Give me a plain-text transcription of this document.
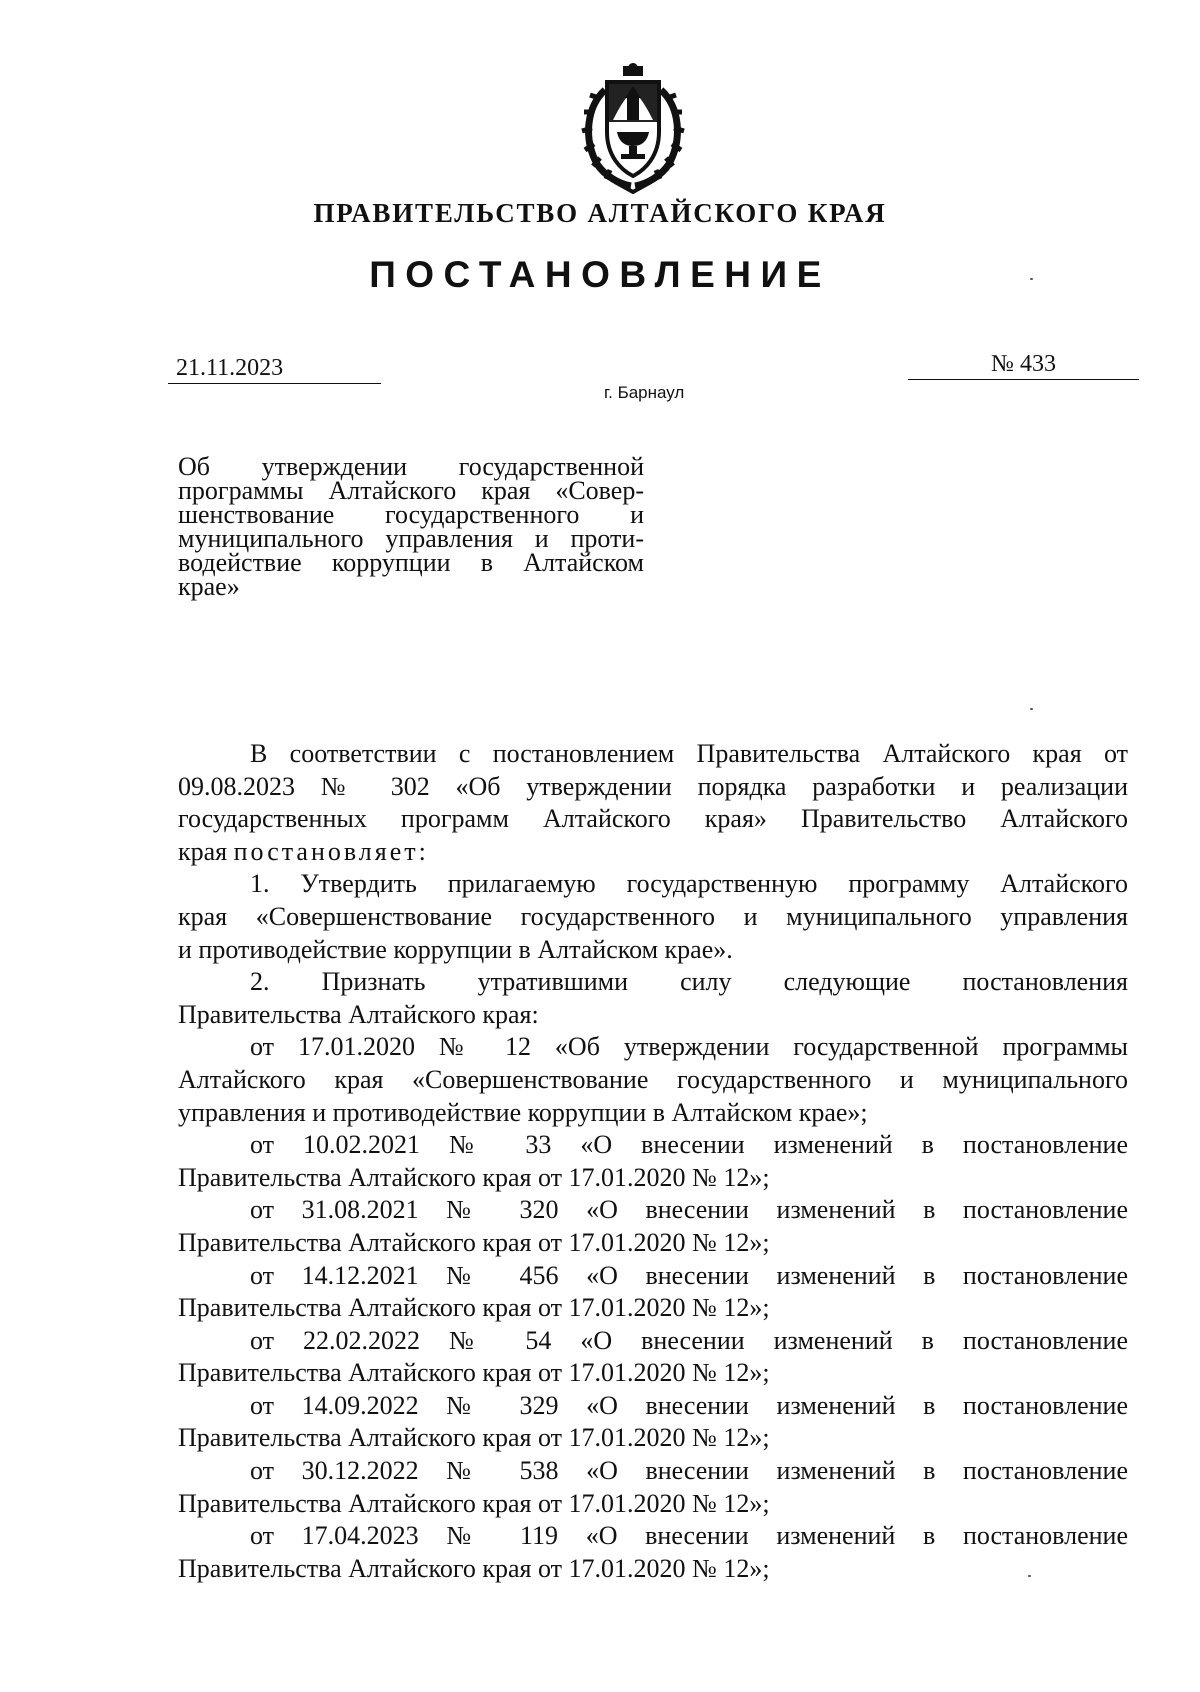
ПРАВИТЕЛЬСТВО АЛТАЙСКОГО КРАЯ
ПОСТАНОВЛЕНИЕ
21.11.2023	№ 433
г. Барнаул
Об утверждении государственной
программы Алтайского края «Совер-
шенствование государственного и
муниципального управления и проти-
водействие коррупции в Алтайском
крае»
В соответствии с постановлением Правительства Алтайского края от
09.08.2023 № 302 «Об утверждении порядка разработки и реализации
государственных программ Алтайского края» Правительство Алтайского
края постановляет:
1. Утвердить прилагаемую государственную программу Алтайского
края «Совершенствование государственного и муниципального управления
и противодействие коррупции в Алтайском крае».
2. Признать утратившими силу следующие постановления
Правительства Алтайского края:
от 17.01.2020 № 12 «Об утверждении государственной программы
Алтайского края «Совершенствование государственного и муниципального
управления и противодействие коррупции в Алтайском крае»;
от 10.02.2021 № 33 «О внесении изменений в постановление
Правительства Алтайского края от 17.01.2020 № 12»;
от 31.08.2021 № 320 «О внесении изменений в постановление
Правительства Алтайского края от 17.01.2020 № 12»;
от 14.12.2021 № 456 «О внесении изменений в постановление
Правительства Алтайского края от 17.01.2020 № 12»;
от 22.02.2022 № 54 «О внесении изменений в постановление
Правительства Алтайского края от 17.01.2020 № 12»;
от 14.09.2022 № 329 «О внесении изменений в постановление
Правительства Алтайского края от 17.01.2020 № 12»;
от 30.12.2022 № 538 «О внесении изменений в постановление
Правительства Алтайского края от 17.01.2020 № 12»;
от 17.04.2023 № 119 «О внесении изменений в постановление
Правительства Алтайского края от 17.01.2020 № 12»;
